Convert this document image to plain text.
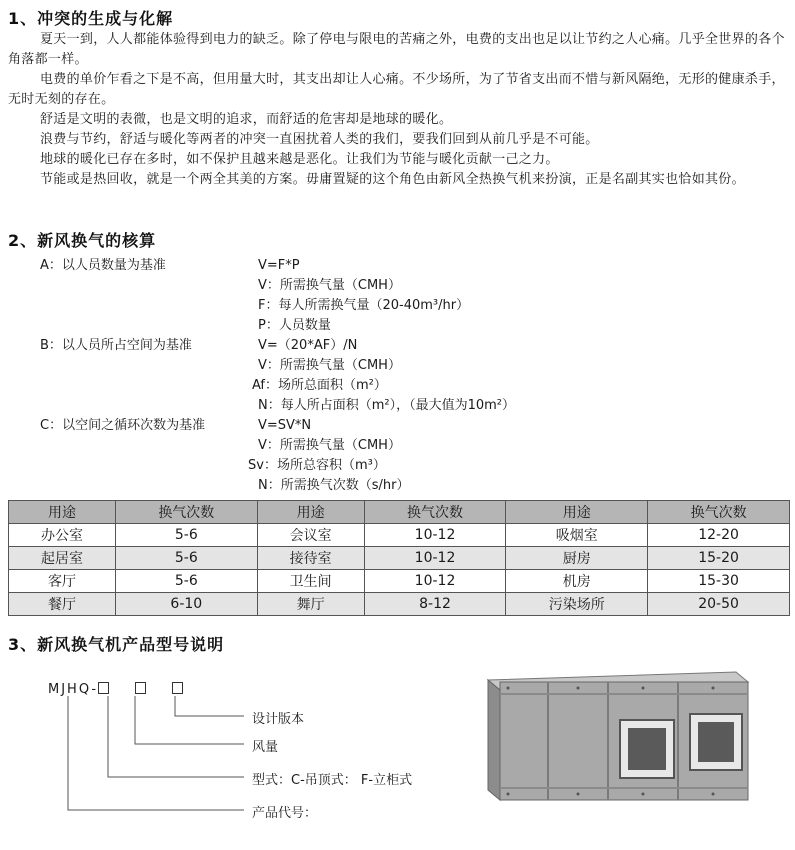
1、冲突的生成与化解

夏天一到，人人都能体验得到电力的缺乏。除了停电与限电的苦痛之外，电费的支出也足以让节约之人心痛。几乎全世界的各个角落都一样。

电费的单价乍看之下是不高，但用量大时，其支出却让人心痛。不少场所，为了节省支出而不惜与新风隔绝，无形的健康杀手，无时无刻的存在。

舒适是文明的表微，也是文明的追求，而舒适的危害却是地球的暖化。

浪费与节约，舒适与暖化等两者的冲突一直困扰着人类的我们，要我们回到从前几乎是不可能。

地球的暖化已存在多时，如不保护且越来越是恶化。让我们为节能与暖化贡献一己之力。

节能或是热回收，就是一个两全其美的方案。毋庸置疑的这个角色由新风全热换气机来扮演，正是名副其实也恰如其份。

2、新风换气的核算
A：以人员数量为基准	V=F*P
V：所需换气量（CMH）
F：每人所需换气量（20-40m³/hr）
P：人员数量
B：以人员所占空间为基准	V=（20*AF）/N
V：所需换气量（CMH）
Af：场所总面积（m²）
N：每人所占面积（m²），（最大值为10m²）
C：以空间之循环次数为基准	V=SV*N
V：所需换气量（CMH）
Sv：场所总容积（m³）
N：所需换气次数（s/hr）
用途	换气次数	用途	换气次数	用途	换气次数
办公室	5-6	会议室	10-12	吸烟室	12-20
起居室	5-6	接待室	10-12	厨房	15-20
客厅	5-6	卫生间	10-12	机房	15-30
餐厅	6-10	舞厅	8-12	污染场所	20-50
3、新风换气机产品型号说明
MJHQ-
设计版本
风量
型式：C-吊顶式： F-立柜式
产品代号：
